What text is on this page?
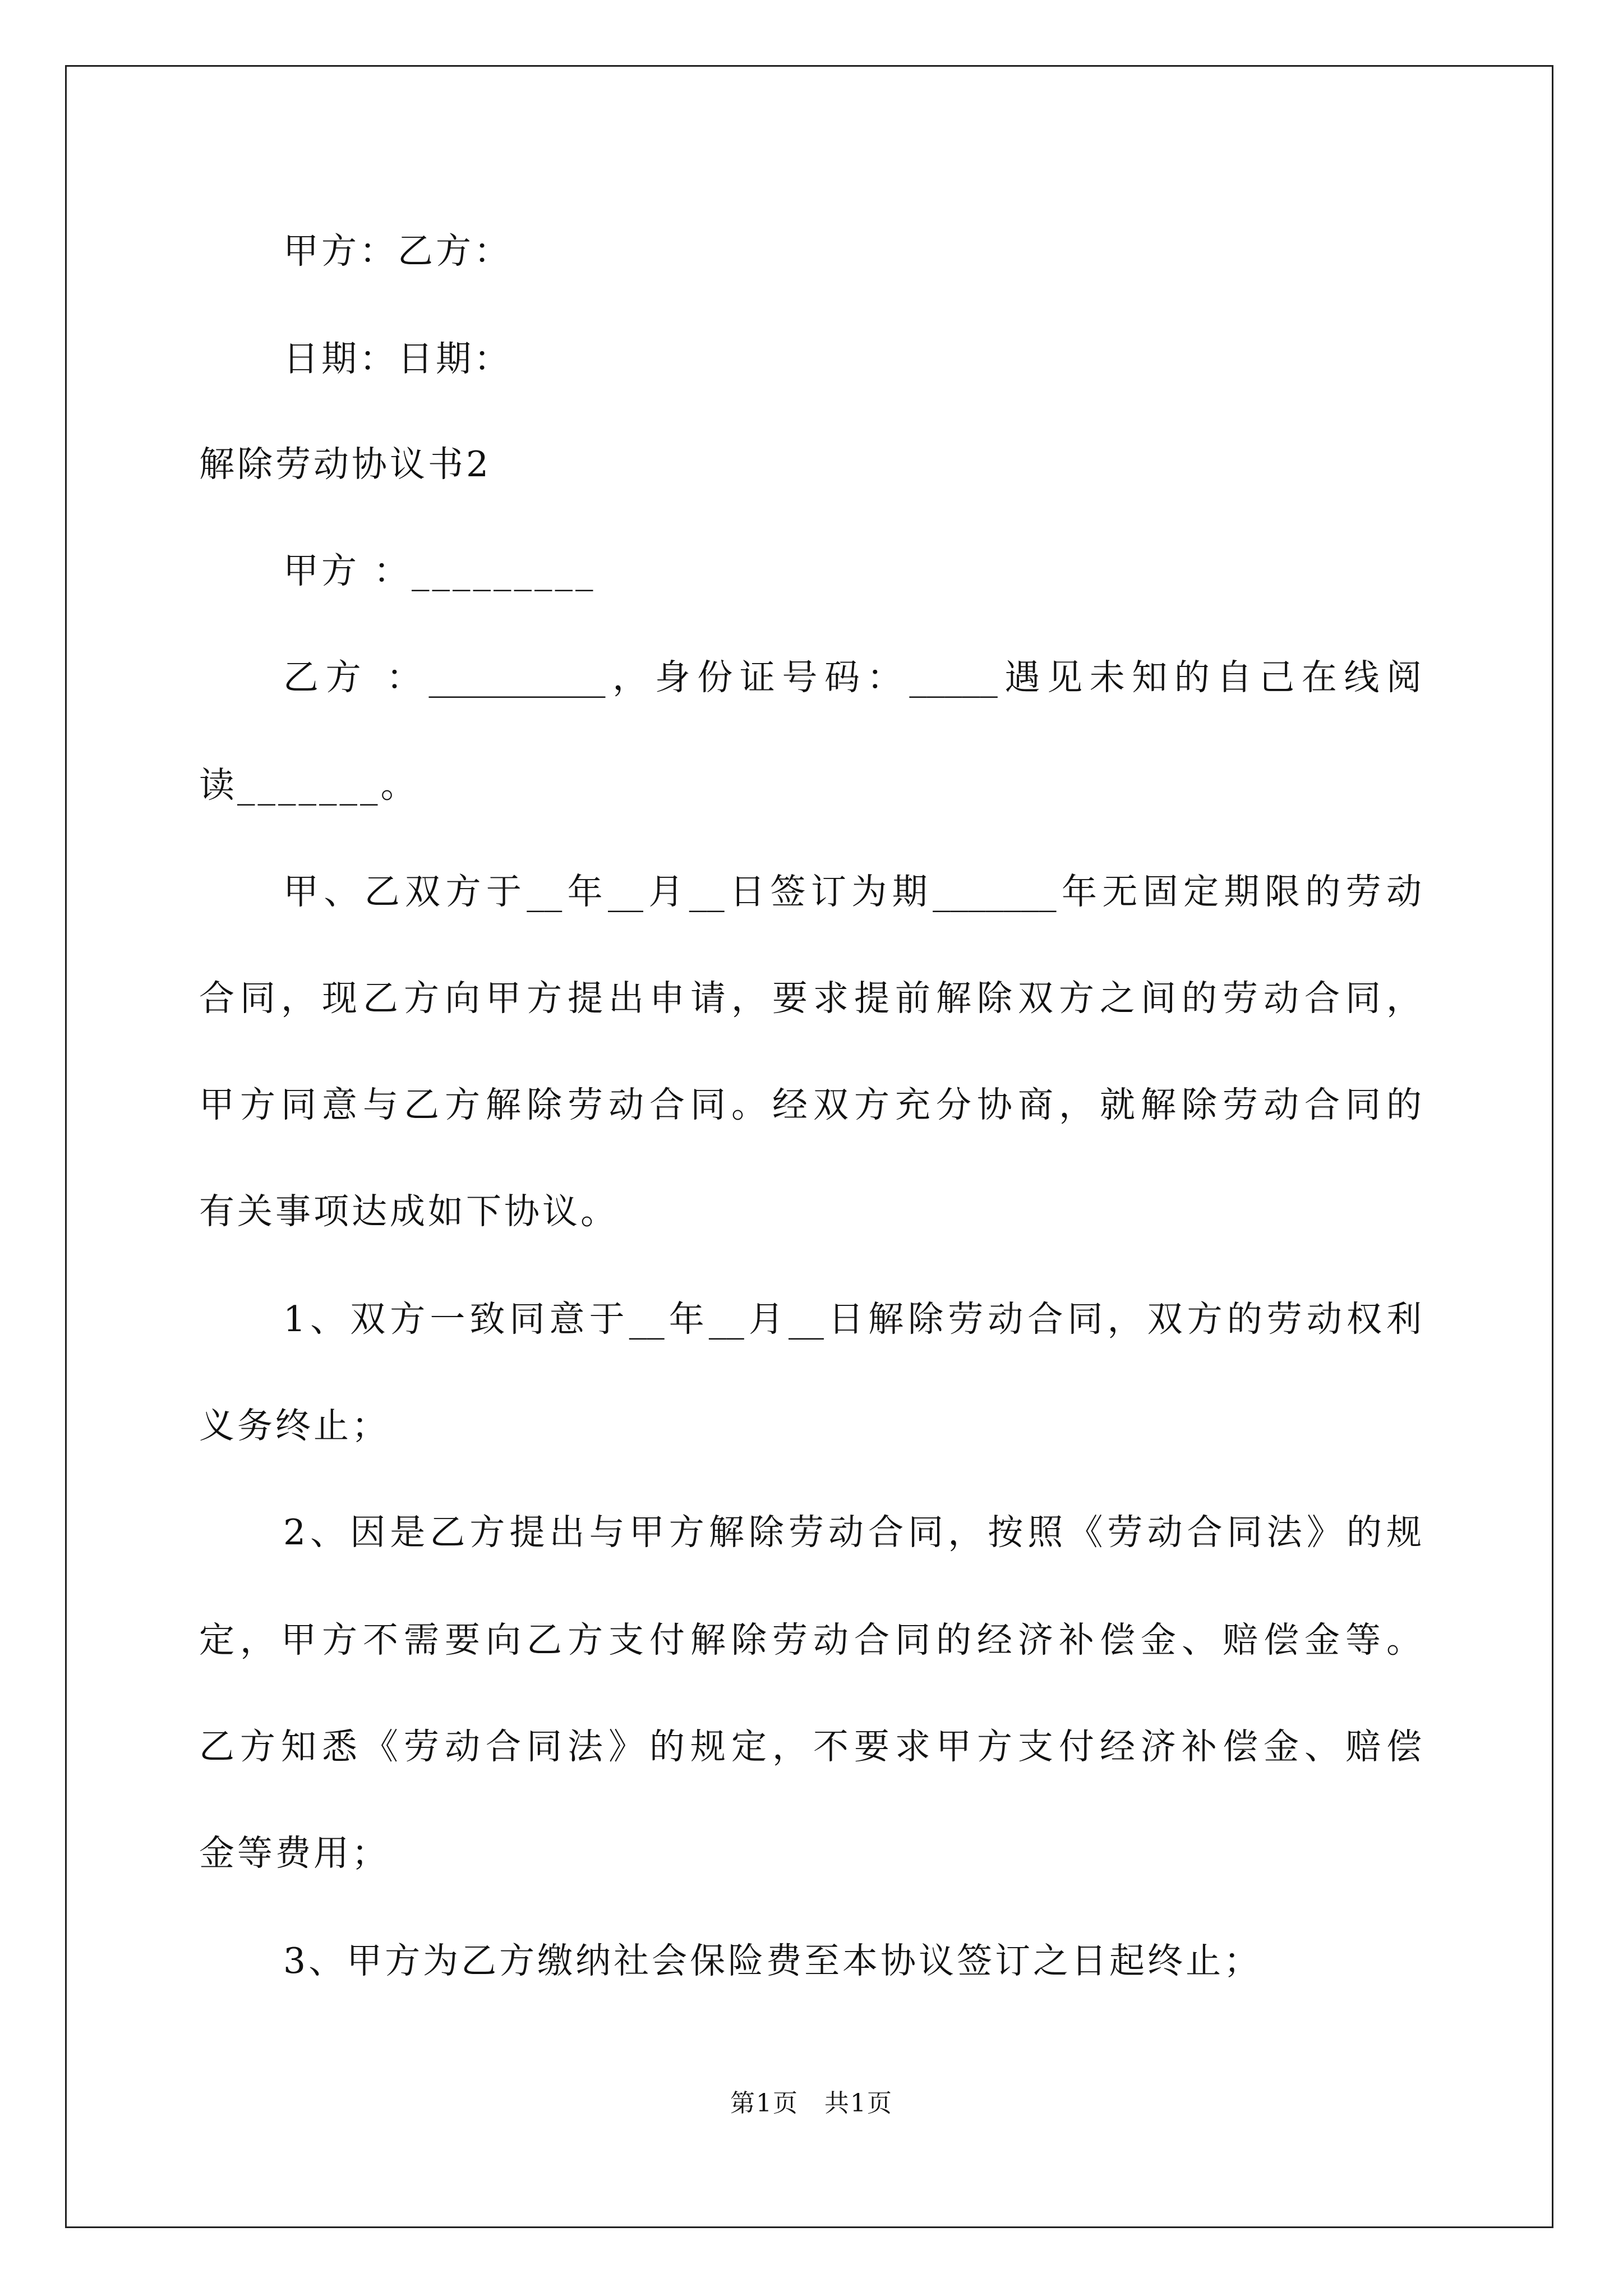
甲方：乙方：
日期：日期：
解除劳动协议书2
甲方 ：_________
乙方 ：__________，身份证号码：_____遇见未知的自己在线阅
读_______。
甲、乙双方于__年__月__日签订为期_______年无固定期限的劳动
合同，现乙方向甲方提出申请，要求提前解除双方之间的劳动合同，
甲方同意与乙方解除劳动合同。经双方充分协商，就解除劳动合同的
有关事项达成如下协议。
1、双方一致同意于__年__月__日解除劳动合同，双方的劳动权利
义务终止；
2、因是乙方提出与甲方解除劳动合同，按照《劳动合同法》的规
定，甲方不需要向乙方支付解除劳动合同的经济补偿金、赔偿金等。
乙方知悉《劳动合同法》的规定，不要求甲方支付经济补偿金、赔偿
金等费用；
3、甲方为乙方缴纳社会保险费至本协议签订之日起终止；
第1页　共1页
